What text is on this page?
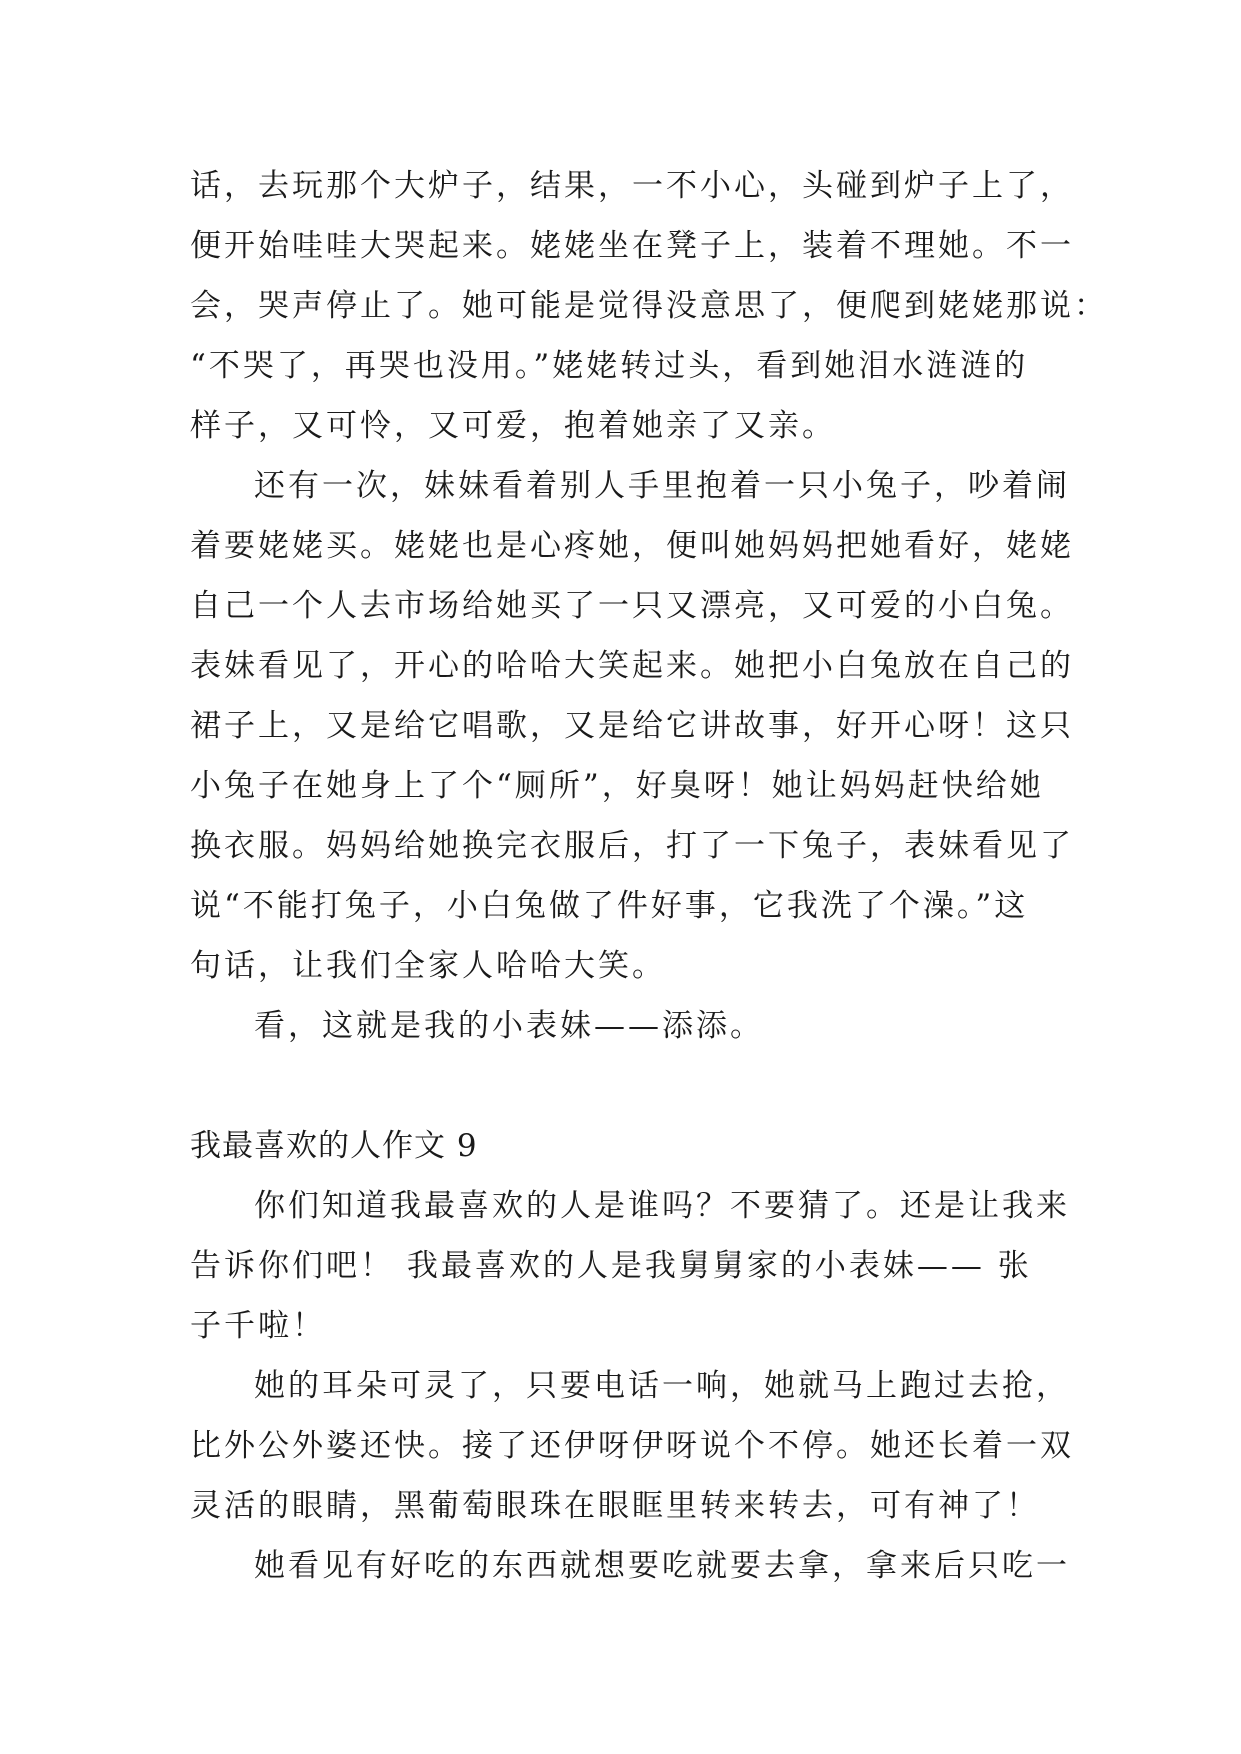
话，去玩那个大炉子，结果，一不小心，头碰到炉子上了，
便开始哇哇大哭起来。姥姥坐在凳子上，装着不理她。不一
会，哭声停止了。她可能是觉得没意思了，便爬到姥姥那说：
“不哭了，再哭也没用。”姥姥转过头，看到她泪水涟涟的
样子，又可怜，又可爱，抱着她亲了又亲。
还有一次，妹妹看着别人手里抱着一只小兔子，吵着闹
着要姥姥买。姥姥也是心疼她，便叫她妈妈把她看好，姥姥
自己一个人去市场给她买了一只又漂亮，又可爱的小白兔。
表妹看见了，开心的哈哈大笑起来。她把小白兔放在自己的
裙子上，又是给它唱歌，又是给它讲故事，好开心呀！这只
小兔子在她身上了个“厕所”，好臭呀！她让妈妈赶快给她
换衣服。妈妈给她换完衣服后，打了一下兔子，表妹看见了
说“不能打兔子，小白兔做了件好事，它我洗了个澡。”这
句话，让我们全家人哈哈大笑。
看，这就是我的小表妹——添添。
我最喜欢的人作文 9
你们知道我最喜欢的人是谁吗？不要猜了。还是让我来
告诉你们吧！ 我最喜欢的人是我舅舅家的小表妹—— 张
子千啦！
她的耳朵可灵了，只要电话一响，她就马上跑过去抢，
比外公外婆还快。接了还伊呀伊呀说个不停。她还长着一双
灵活的眼睛，黑葡萄眼珠在眼眶里转来转去，可有神了！
她看见有好吃的东西就想要吃就要去拿，拿来后只吃一
